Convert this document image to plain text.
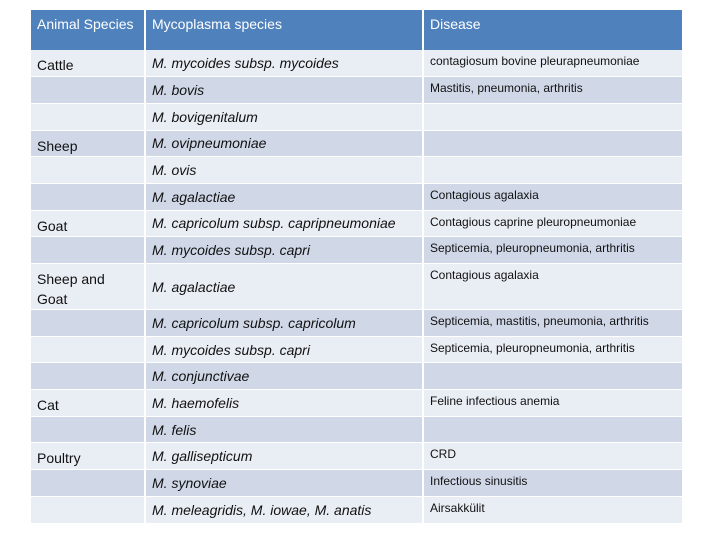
Animal Species	Mycoplasma species	Disease
Cattle	M. mycoides subsp. mycoides	contagiosum bovine pleurapneumoniae
	M. bovis	Mastitis, pneumonia, arthritis
	M. bovigenitalum	
Sheep	M. ovipneumoniae	
	M. ovis	
	M. agalactiae	Contagious agalaxia
Goat	M. capricolum subsp. capripneumoniae	Contagious caprine pleuropneumoniae
	M. mycoides subsp. capri	Septicemia, pleuropneumonia, arthritis
Sheep and Goat	M. agalactiae	Contagious agalaxia
	M. capricolum subsp. capricolum	Septicemia, mastitis, pneumonia, arthritis
	M. mycoides subsp. capri	Septicemia, pleuropneumonia, arthritis
	M. conjunctivae	
Cat	M. haemofelis	Feline infectious anemia
	M. felis	
Poultry	M. gallisepticum	CRD
	M. synoviae	Infectious sinusitis
	M. meleagridis, M. iowae, M. anatis	Airsakkülit
